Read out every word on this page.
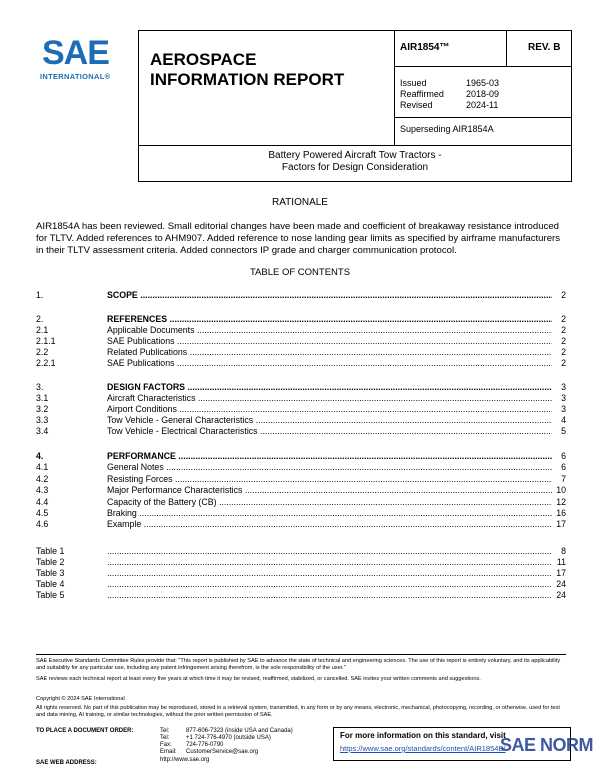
SAE
INTERNATIONAL®
AEROSPACE
INFORMATION REPORT
AIR1854™	REV. B
Issued	1965-03
Reaffirmed 2018-09
Revised	2024-11
Superseding AIR1854A
Battery Powered Aircraft Tow Tractors -
Factors for Design Consideration
RATIONALE
AIR1854A has been reviewed. Small editorial changes have been made and coefficient of breakaway resistance introduced for TLTV. Added references to AHM907. Added reference to nose landing gear limits as specified by airframe manufacturers in their TLTV assessment criteria. Added connectors IP grade and charger communication protocol.
TABLE OF CONTENTS
1.	SCOPE .....	2
2.	REFERENCES .....	2
2.1	Applicable Documents .....	2
2.1.1	SAE Publications .....	2
2.2	Related Publications .....	2
2.2.1	SAE Publications .....	2
3.	DESIGN FACTORS .....	3
3.1	Aircraft Characteristics .....	3
3.2	Airport Conditions .....	3
3.3	Tow Vehicle - General Characteristics .....	4
3.4	Tow Vehicle - Electrical Characteristics .....	5
4.	PERFORMANCE .....	6
4.1	General Notes .....	6
4.2	Resisting Forces .....	7
4.3	Major Performance Characteristics .....	10
4.4	Capacity of the Battery (CB) .....	12
4.5	Braking .....	16
4.6	Example .....	17
Table 1 .....	8
Table 2 .....	11
Table 3 .....	17
Table 4 .....	24
Table 5 .....	24
SAE Executive Standards Committee Rules provide that: "This report is published by SAE to advance the state of technical and engineering sciences. The use of this report is entirely voluntary, and its applicability and suitability for any particular use, including any patent infringement arising therefrom, is the sole responsibility of the user."
SAE reviews each technical report at least every five years at which time it may be revised, reaffirmed, stabilized, or cancelled. SAE invites your written comments and suggestions.
Copyright © 2024 SAE International
All rights reserved. No part of this publication may be reproduced, stored in a retrieval system, transmitted, in any form or by any means, electronic, mechanical, photocopying, recording, or otherwise, used for text and data mining, AI training, or similar technologies, without the prior written permission of SAE.
TO PLACE A DOCUMENT ORDER:	Tel:	877-606-7323 (inside USA and Canada)
Tel:	+1 724-776-4970 (outside USA)
Fax: 724-776-0790
Email: CustomerService@sae.org
SAE WEB ADDRESS:	http://www.sae.org
For more information on this standard, visit
https://www.sae.org/standards/content/AIR1854B/
SAE NORM
